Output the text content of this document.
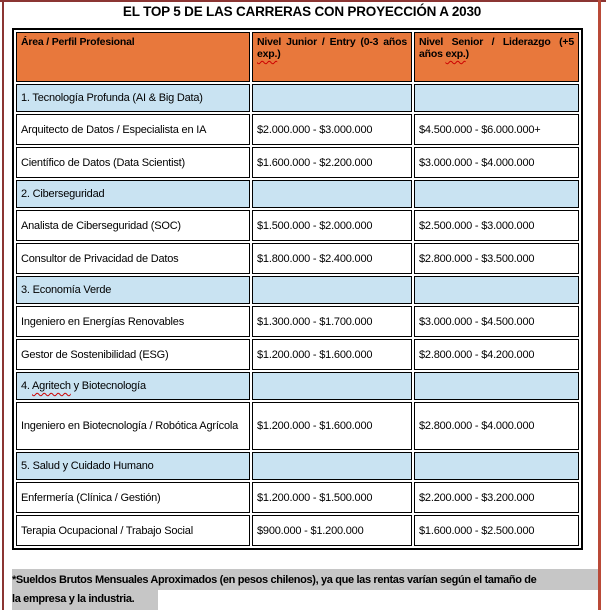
EL TOP 5 DE LAS CARRERAS CON PROYECCIÓN A 2030
Área / Perfil Profesional	Nivel Junior / Entry (0-3 años exp.)	Nivel Senior / Liderazgo (+5 años exp.)
1. Tecnología Profunda (AI & Big Data)		
Arquitecto de Datos / Especialista en IA	$2.000.000 - $3.000.000	$4.500.000 - $6.000.000+
Científico de Datos (Data Scientist)	$1.600.000 - $2.200.000	$3.000.000 - $4.000.000
2. Ciberseguridad		
Analista de Ciberseguridad (SOC)	$1.500.000 - $2.000.000	$2.500.000 - $3.000.000
Consultor de Privacidad de Datos	$1.800.000 - $2.400.000	$2.800.000 - $3.500.000
3. Economía Verde		
Ingeniero en Energías Renovables	$1.300.000 - $1.700.000	$3.000.000 - $4.500.000
Gestor de Sostenibilidad (ESG)	$1.200.000 - $1.600.000	$2.800.000 - $4.200.000
4. Agritech y Biotecnología		
Ingeniero en Biotecnología / Robótica Agrícola	$1.200.000 - $1.600.000	$2.800.000 - $4.000.000
5. Salud y Cuidado Humano		
Enfermería (Clínica / Gestión)	$1.200.000 - $1.500.000	$2.200.000 - $3.200.000
Terapia Ocupacional / Trabajo Social	$900.000 - $1.200.000	$1.600.000 - $2.500.000
*Sueldos Brutos Mensuales Aproximados (en pesos chilenos), ya que las rentas varían según el tamaño de
la empresa y la industria.
